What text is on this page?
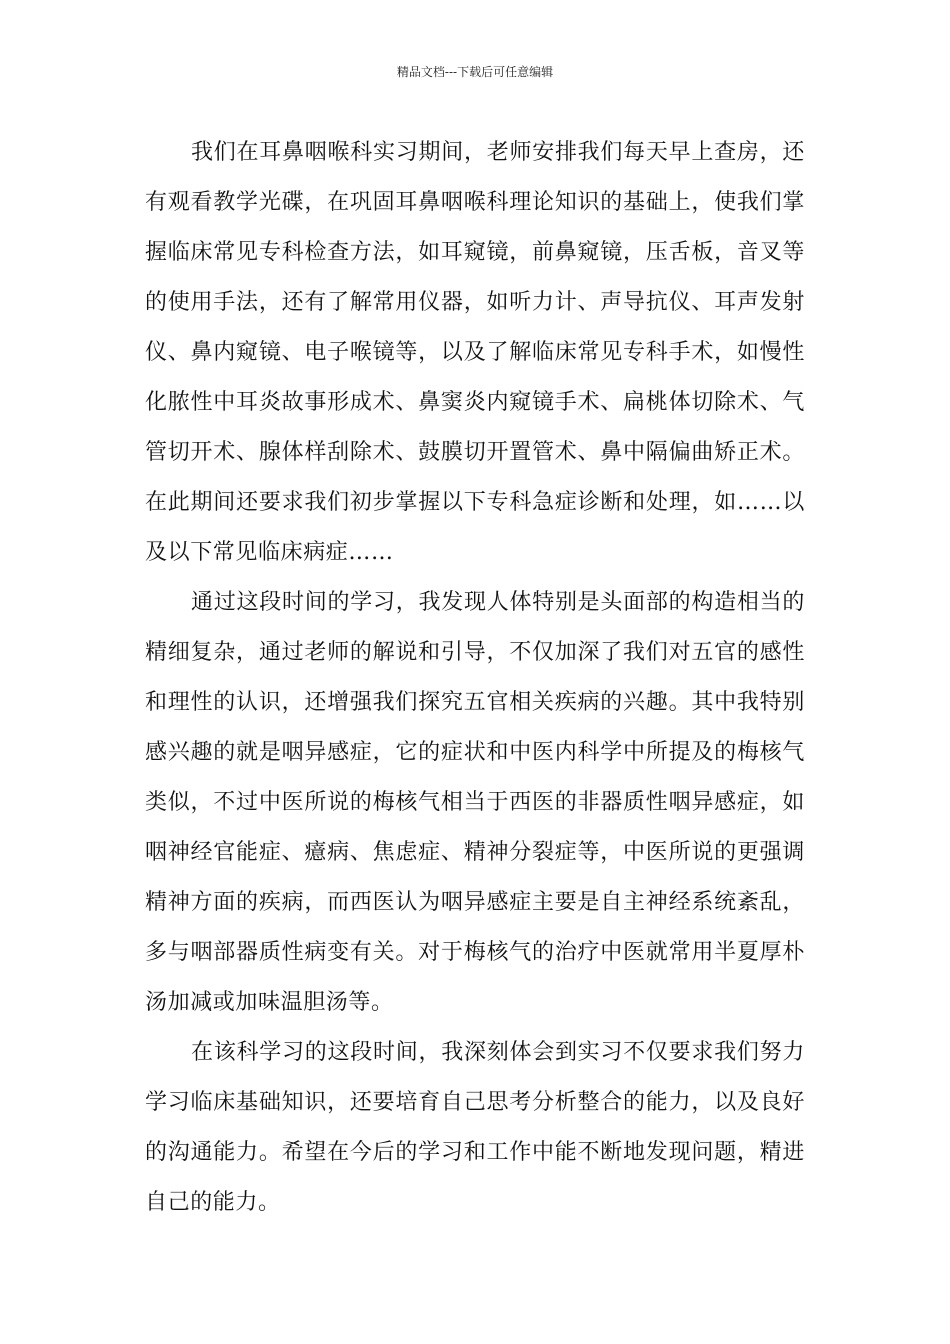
精品文档---下载后可任意编辑

我们在耳鼻咽喉科实习期间，老师安排我们每天早上查房，还有观看教学光碟，在巩固耳鼻咽喉科理论知识的基础上，使我们掌握临床常见专科检查方法，如耳窥镜，前鼻窥镜，压舌板，音叉等的使用手法，还有了解常用仪器，如听力计、声导抗仪、耳声发射仪、鼻内窥镜、电子喉镜等，以及了解临床常见专科手术，如慢性化脓性中耳炎故事形成术、鼻窦炎内窥镜手术、扁桃体切除术、气管切开术、腺体样刮除术、鼓膜切开置管术、鼻中隔偏曲矫正术。在此期间还要求我们初步掌握以下专科急症诊断和处理，如……以及以下常见临床病症……

通过这段时间的学习，我发现人体特别是头面部的构造相当的精细复杂，通过老师的解说和引导，不仅加深了我们对五官的感性和理性的认识，还增强我们探究五官相关疾病的兴趣。其中我特别感兴趣的就是咽异感症，它的症状和中医内科学中所提及的梅核气类似，不过中医所说的梅核气相当于西医的非器质性咽异感症，如咽神经官能症、癔病、焦虑症、精神分裂症等，中医所说的更强调精神方面的疾病，而西医认为咽异感症主要是自主神经系统紊乱，多与咽部器质性病变有关。对于梅核气的治疗中医就常用半夏厚朴汤加减或加味温胆汤等。

在该科学习的这段时间，我深刻体会到实习不仅要求我们努力学习临床基础知识，还要培育自己思考分析整合的能力，以及良好的沟通能力。希望在今后的学习和工作中能不断地发现问题，精进自己的能力。
